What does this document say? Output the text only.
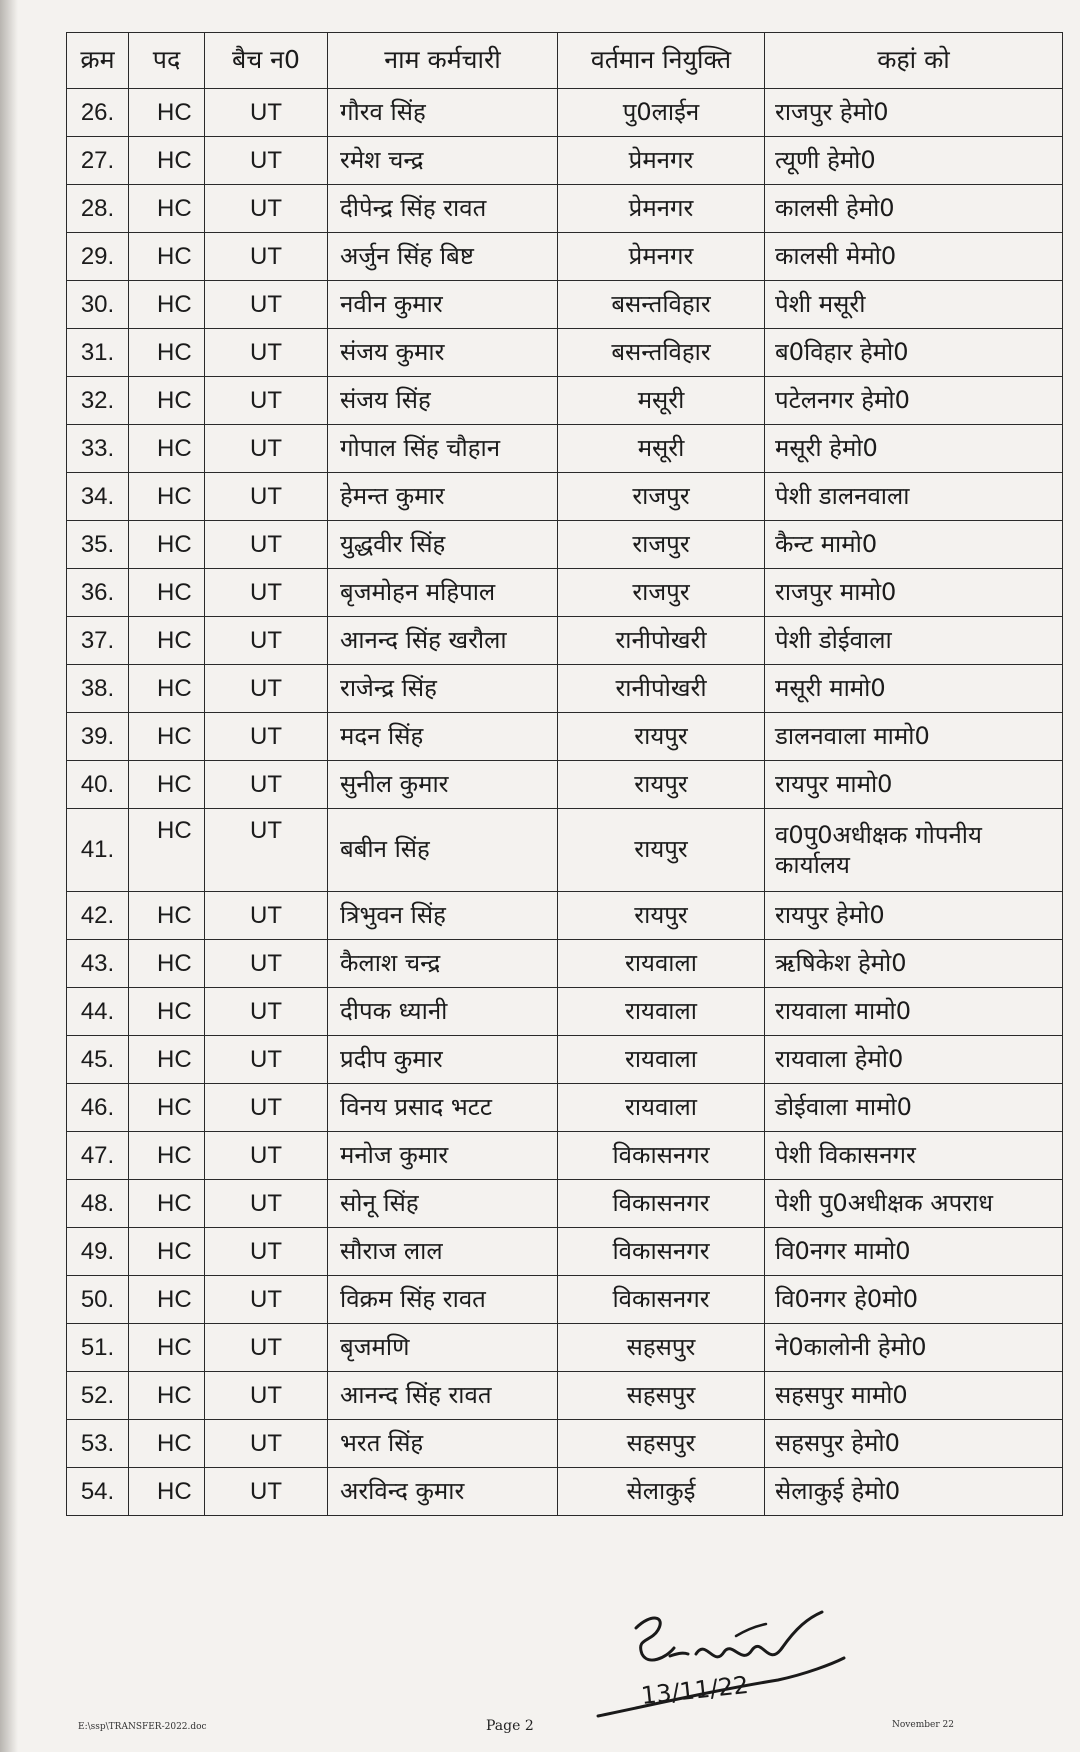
क्रम	पद	बैच न0	नाम कर्मचारी	वर्तमान नियुक्ति	कहां को
26.	HC	UT	गौरव सिंह	पु0लाईन	राजपुर हेमो0
27.	HC	UT	रमेश चन्द्र	प्रेमनगर	त्यूणी हेमो0
28.	HC	UT	दीपेन्द्र सिंह रावत	प्रेमनगर	कालसी हेमो0
29.	HC	UT	अर्जुन सिंह बिष्ट	प्रेमनगर	कालसी मेमो0
30.	HC	UT	नवीन कुमार	बसन्तविहार	पेशी मसूरी
31.	HC	UT	संजय कुमार	बसन्तविहार	ब0विहार हेमो0
32.	HC	UT	संजय सिंह	मसूरी	पटेलनगर हेमो0
33.	HC	UT	गोपाल सिंह चौहान	मसूरी	मसूरी हेमो0
34.	HC	UT	हेमन्त कुमार	राजपुर	पेशी डालनवाला
35.	HC	UT	युद्धवीर सिंह	राजपुर	कैन्ट मामो0
36.	HC	UT	बृजमोहन महिपाल	राजपुर	राजपुर मामो0
37.	HC	UT	आनन्द सिंह खरौला	रानीपोखरी	पेशी डोईवाला
38.	HC	UT	राजेन्द्र सिंह	रानीपोखरी	मसूरी मामो0
39.	HC	UT	मदन सिंह	रायपुर	डालनवाला मामो0
40.	HC	UT	सुनील कुमार	रायपुर	रायपुर मामो0
41.	HC	UT	बबीन सिंह	रायपुर	व0पु0अधीक्षक गोपनीय कार्यालय
42.	HC	UT	त्रिभुवन सिंह	रायपुर	रायपुर हेमो0
43.	HC	UT	कैलाश चन्द्र	रायवाला	ऋषिकेश हेमो0
44.	HC	UT	दीपक ध्यानी	रायवाला	रायवाला मामो0
45.	HC	UT	प्रदीप कुमार	रायवाला	रायवाला हेमो0
46.	HC	UT	विनय प्रसाद भटट	रायवाला	डोईवाला मामो0
47.	HC	UT	मनोज कुमार	विकासनगर	पेशी विकासनगर
48.	HC	UT	सोनू सिंह	विकासनगर	पेशी पु0अधीक्षक अपराध
49.	HC	UT	सौराज लाल	विकासनगर	वि0नगर मामो0
50.	HC	UT	विक्रम सिंह रावत	विकासनगर	वि0नगर हे0मो0
51.	HC	UT	बृजमणि	सहसपुर	ने0कालोनी हेमो0
52.	HC	UT	आनन्द सिंह रावत	सहसपुर	सहसपुर मामो0
53.	HC	UT	भरत सिंह	सहसपुर	सहसपुर हेमो0
54.	HC	UT	अरविन्द कुमार	सेलाकुई	सेलाकुई हेमो0
13/11/22
E:\ssp\TRANSFER-2022.doc	Page 2	November 22
